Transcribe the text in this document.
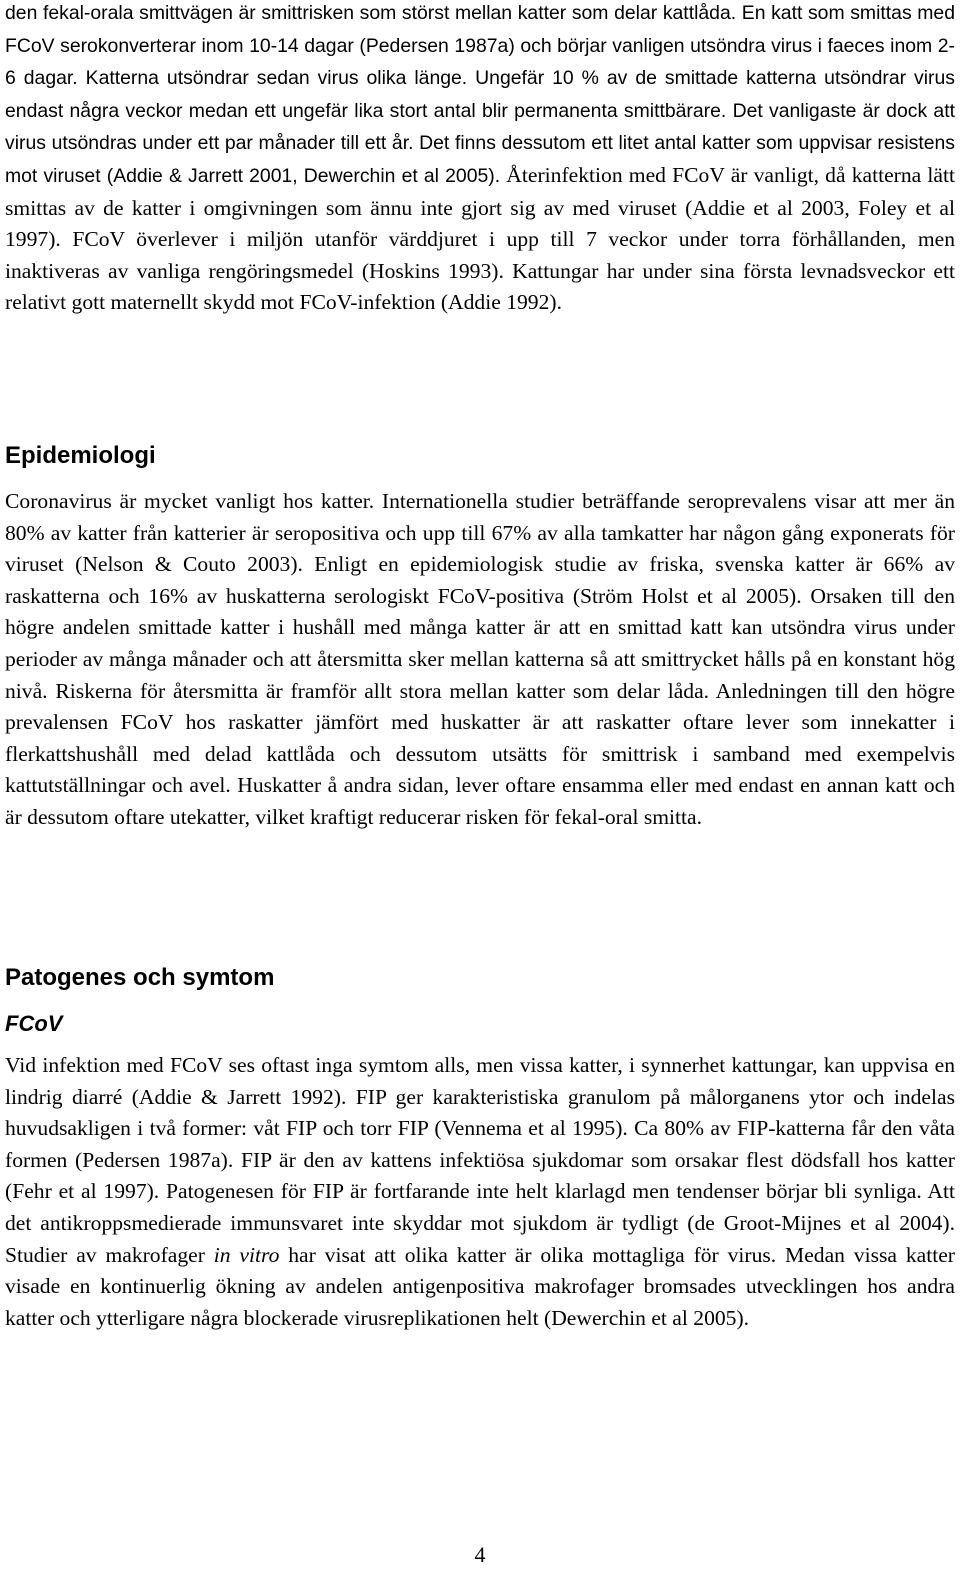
den fekal-orala smittvägen är smittrisken som störst mellan katter som delar kattlåda. En katt som smittas med FCoV serokonverterar inom 10-14 dagar (Pedersen 1987a) och börjar vanligen utsöndra virus i faeces inom 2-6 dagar. Katterna utsöndrar sedan virus olika länge. Ungefär 10 % av de smittade katterna utsöndrar virus endast några veckor medan ett ungefär lika stort antal blir permanenta smittbärare. Det vanligaste är dock att virus utsöndras under ett par månader till ett år. Det finns dessutom ett litet antal katter som uppvisar resistens mot viruset (Addie & Jarrett 2001, Dewerchin et al 2005). Återinfektion med FCoV är vanligt, då katterna lätt smittas av de katter i omgivningen som ännu inte gjort sig av med viruset (Addie et al 2003, Foley et al 1997). FCoV överlever i miljön utanför värddjuret i upp till 7 veckor under torra förhållanden, men inaktiveras av vanliga rengöringsmedel (Hoskins 1993). Kattungar har under sina första levnadsveckor ett relativt gott maternellt skydd mot FCoV-infektion (Addie 1992).

Epidemiologi

Coronavirus är mycket vanligt hos katter. Internationella studier beträffande seroprevalens visar att mer än 80% av katter från katterier är seropositiva och upp till 67% av alla tamkatter har någon gång exponerats för viruset (Nelson & Couto 2003). Enligt en epidemiologisk studie av friska, svenska katter är 66% av raskatterna och 16% av huskatterna serologiskt FCoV-positiva (Ström Holst et al 2005). Orsaken till den högre andelen smittade katter i hushåll med många katter är att en smittad katt kan utsöndra virus under perioder av många månader och att återsmitta sker mellan katterna så att smittrycket hålls på en konstant hög nivå. Riskerna för återsmitta är framför allt stora mellan katter som delar låda. Anledningen till den högre prevalensen FCoV hos raskatter jämfört med huskatter är att raskatter oftare lever som innekatter i flerkattshushåll med delad kattlåda och dessutom utsätts för smittrisk i samband med exempelvis kattutställningar och avel. Huskatter å andra sidan, lever oftare ensamma eller med endast en annan katt och är dessutom oftare utekatter, vilket kraftigt reducerar risken för fekal-oral smitta.

Patogenes och symtom
FCoV

Vid infektion med FCoV ses oftast inga symtom alls, men vissa katter, i synnerhet kattungar, kan uppvisa en lindrig diarré (Addie & Jarrett 1992). FIP ger karakteristiska granulom på målorganens ytor och indelas huvudsakligen i två former: våt FIP och torr FIP (Vennema et al 1995). Ca 80% av FIP-katterna får den våta formen (Pedersen 1987a). FIP är den av kattens infektiösa sjukdomar som orsakar flest dödsfall hos katter (Fehr et al 1997). Patogenesen för FIP är fortfarande inte helt klarlagd men tendenser börjar bli synliga. Att det antikroppsmedierade immunsvaret inte skyddar mot sjukdom är tydligt (de Groot-Mijnes et al 2004). Studier av makrofager in vitro har visat att olika katter är olika mottagliga för virus. Medan vissa katter visade en kontinuerlig ökning av andelen antigenpositiva makrofager bromsades utvecklingen hos andra katter och ytterligare några blockerade virusreplikationen helt (Dewerchin et al 2005).

4
